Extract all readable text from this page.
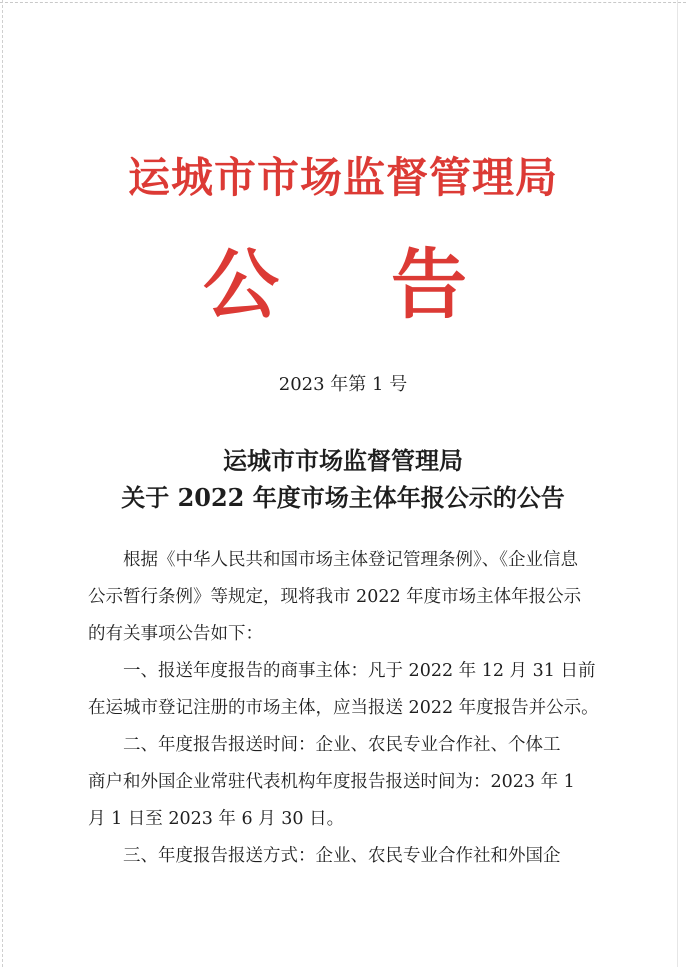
运城市市场监督管理局
公 告
2023 年第 1 号
运城市市场监督管理局
关于 2022 年度市场主体年报公示的公告

　　根据《中华人民共和国市场主体登记管理条例》、《企业信息

公示暂行条例》等规定，现将我市 2022 年度市场主体年报公示

的有关事项公告如下：

　　一、报送年度报告的商事主体：凡于 2022 年 12 月 31 日前

在运城市登记注册的市场主体，应当报送 2022 年度报告并公示。

　　二、年度报告报送时间：企业、农民专业合作社、个体工

商户和外国企业常驻代表机构年度报告报送时间为：2023 年 1

月 1 日至 2023 年 6 月 30 日。

　　三、年度报告报送方式：企业、农民专业合作社和外国企
